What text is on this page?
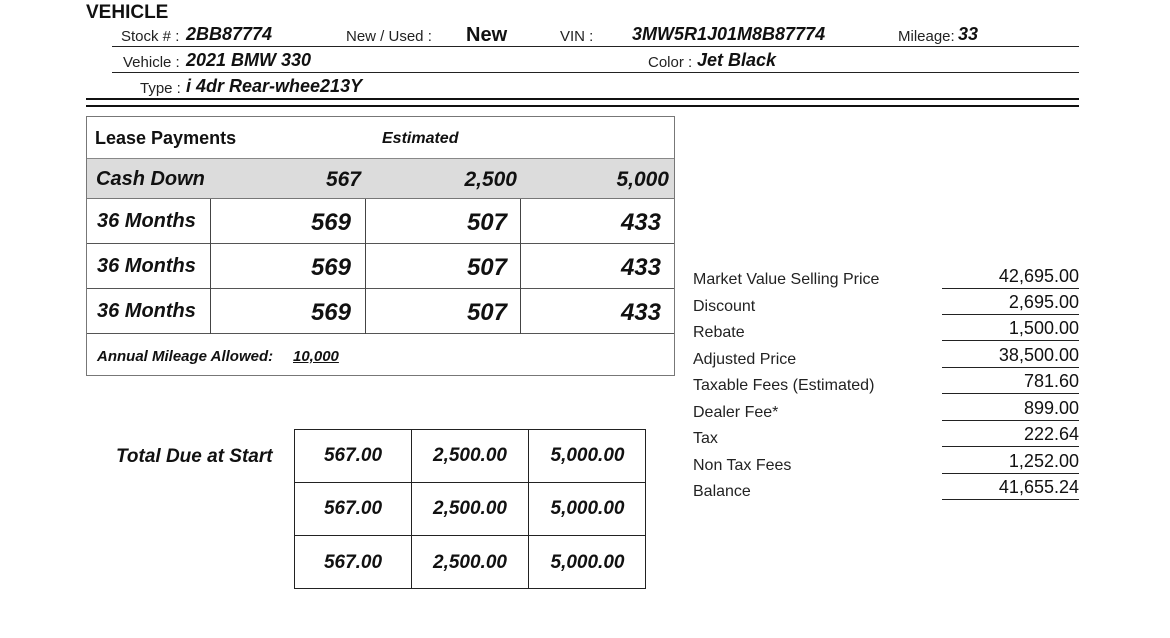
VEHICLE
Stock # : 2BB87774	New / Used : New	VIN : 3MW5R1J01M8B87774	Mileage: 33
Vehicle : 2021 BMW 330	Color : Jet Black
Type : i 4dr Rear-whee213Y
Lease Payments	Estimated
Cash Down	567	2,500	5,000
36 Months	569	507	433
36 Months	569	507	433
36 Months	569	507	433
Annual Mileage Allowed: 10,000
Total Due at Start	567.00	2,500.00	5,000.00
567.00	2,500.00	5,000.00
567.00	2,500.00	5,000.00
Market Value Selling Price	42,695.00
Discount	2,695.00
Rebate	1,500.00
Adjusted Price	38,500.00
Taxable Fees (Estimated)	781.60
Dealer Fee*	899.00
Tax	222.64
Non Tax Fees	1,252.00
Balance	41,655.24
